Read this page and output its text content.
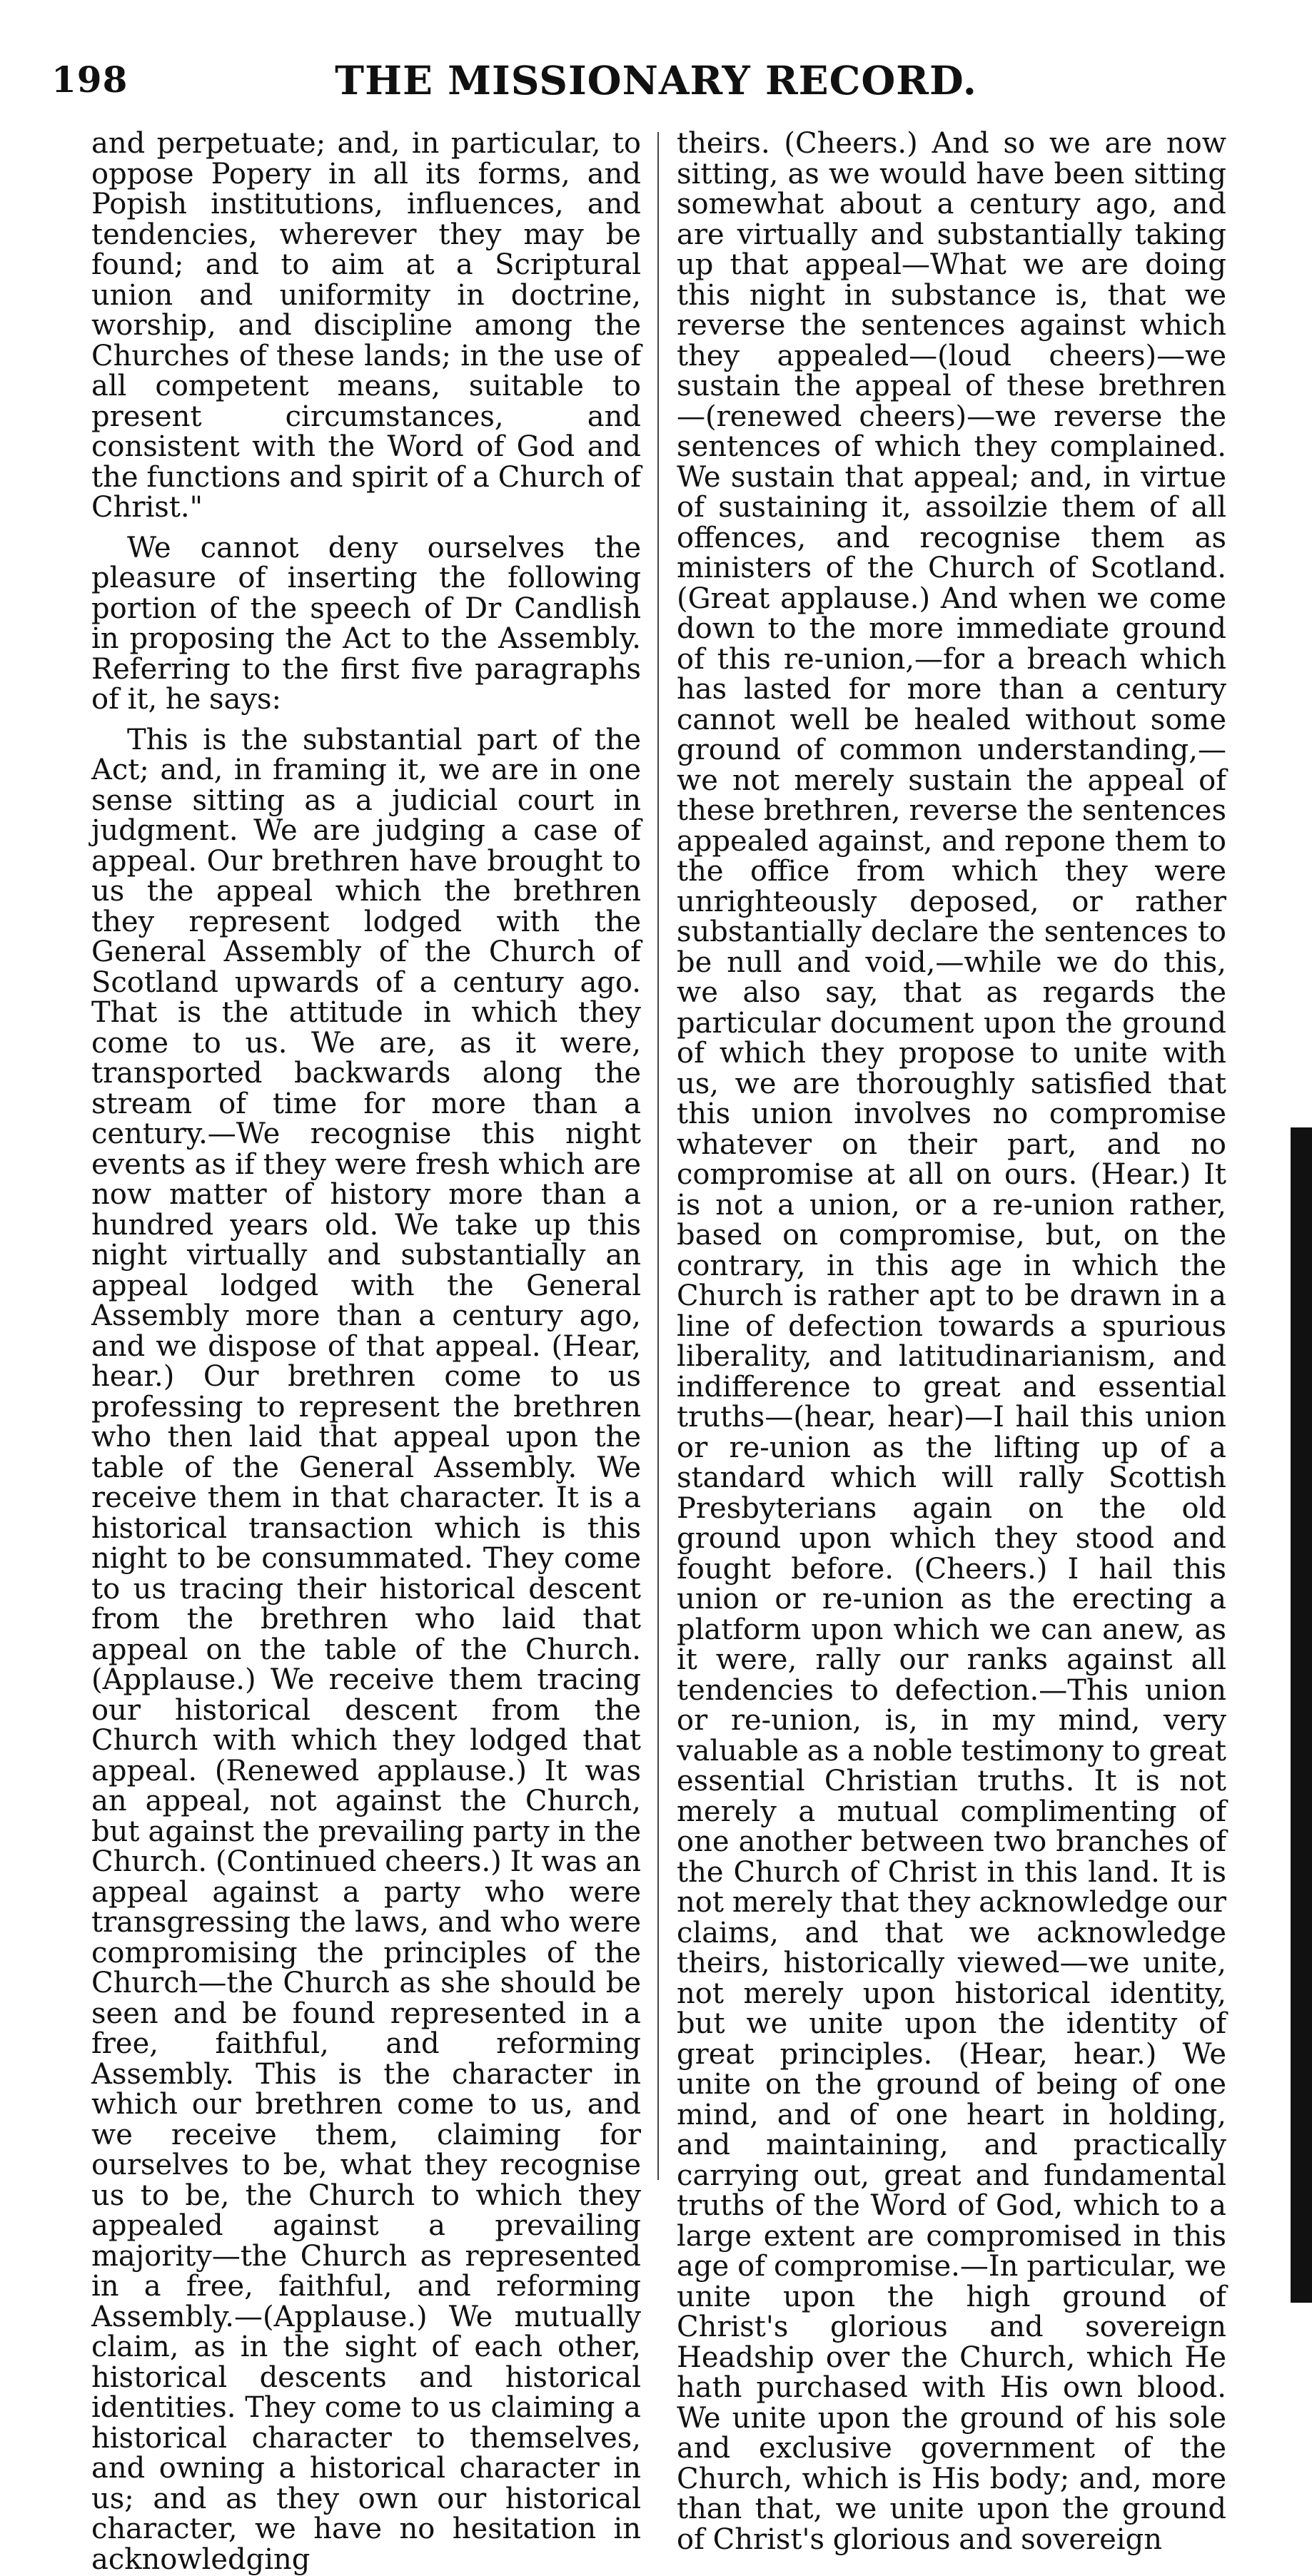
198	THE MISSIONARY RECORD.

and perpetuate; and, in particular, to oppose Popery in all its forms, and Popish institutions, influences, and tendencies, wherever they may be found; and to aim at a Scriptural union and uniformity in doctrine, worship, and discipline among the Churches of these lands; in the use of all competent means, suitable to present circumstances, and consistent with the Word of God and the functions and spirit of a Church of Christ."

We cannot deny ourselves the pleasure of inserting the following portion of the speech of Dr Candlish in proposing the Act to the Assembly. Referring to the first five paragraphs of it, he says:

This is the substantial part of the Act; and, in framing it, we are in one sense sitting as a judicial court in judgment. We are judging a case of appeal. Our brethren have brought to us the appeal which the brethren they represent lodged with the General Assembly of the Church of Scotland upwards of a century ago. That is the attitude in which they come to us. We are, as it were, transported backwards along the stream of time for more than a century.—We recognise this night events as if they were fresh which are now matter of history more than a hundred years old. We take up this night virtually and substantially an appeal lodged with the General Assembly more than a century ago, and we dispose of that appeal. (Hear, hear.) Our brethren come to us professing to represent the brethren who then laid that appeal upon the table of the General Assembly. We receive them in that character. It is a historical transaction which is this night to be consummated. They come to us tracing their historical descent from the brethren who laid that appeal on the table of the Church. (Applause.) We receive them tracing our historical descent from the Church with which they lodged that appeal. (Renewed applause.) It was an appeal, not against the Church, but against the prevailing party in the Church. (Continued cheers.) It was an appeal against a party who were transgressing the laws, and who were compromising the principles of the Church—the Church as she should be seen and be found represented in a free, faithful, and reforming Assembly. This is the character in which our brethren come to us, and we receive them, claiming for ourselves to be, what they recognise us to be, the Church to which they appealed against a prevailing majority—the Church as represented in a free, faithful, and reforming Assembly.—(Applause.) We mutually claim, as in the sight of each other, historical descents and historical identities. They come to us claiming a historical character to themselves, and owning a historical character in us; and as they own our historical character, we have no hesitation in acknowledging

theirs. (Cheers.) And so we are now sitting, as we would have been sitting somewhat about a century ago, and are virtually and substantially taking up that appeal—What we are doing this night in substance is, that we reverse the sentences against which they appealed—(loud cheers)—we sustain the appeal of these brethren—(renewed cheers)—we reverse the sentences of which they complained. We sustain that appeal; and, in virtue of sustaining it, assoilzie them of all offences, and recognise them as ministers of the Church of Scotland. (Great applause.) And when we come down to the more immediate ground of this re-union,—for a breach which has lasted for more than a century cannot well be healed without some ground of common understanding,—we not merely sustain the appeal of these brethren, reverse the sentences appealed against, and repone them to the office from which they were unrighteously deposed, or rather substantially declare the sentences to be null and void,—while we do this, we also say, that as regards the particular document upon the ground of which they propose to unite with us, we are thoroughly satisfied that this union involves no compromise whatever on their part, and no compromise at all on ours. (Hear.) It is not a union, or a re-union rather, based on compromise, but, on the contrary, in this age in which the Church is rather apt to be drawn in a line of defection towards a spurious liberality, and latitudinarianism, and indifference to great and essential truths—(hear, hear)—I hail this union or re-union as the lifting up of a standard which will rally Scottish Presbyterians again on the old ground upon which they stood and fought before. (Cheers.) I hail this union or re-union as the erecting a platform upon which we can anew, as it were, rally our ranks against all tendencies to defection.—This union or re-union, is, in my mind, very valuable as a noble testimony to great essential Christian truths. It is not merely a mutual complimenting of one another between two branches of the Church of Christ in this land. It is not merely that they acknowledge our claims, and that we acknowledge theirs, historically viewed—we unite, not merely upon historical identity, but we unite upon the identity of great principles. (Hear, hear.) We unite on the ground of being of one mind, and of one heart in holding, and maintaining, and practically carrying out, great and fundamental truths of the Word of God, which to a large extent are compromised in this age of compromise.—In particular, we unite upon the high ground of Christ's glorious and sovereign Headship over the Church, which He hath purchased with His own blood. We unite upon the ground of his sole and exclusive government of the Church, which is His body; and, more than that, we unite upon the ground of Christ's glorious and sovereign
